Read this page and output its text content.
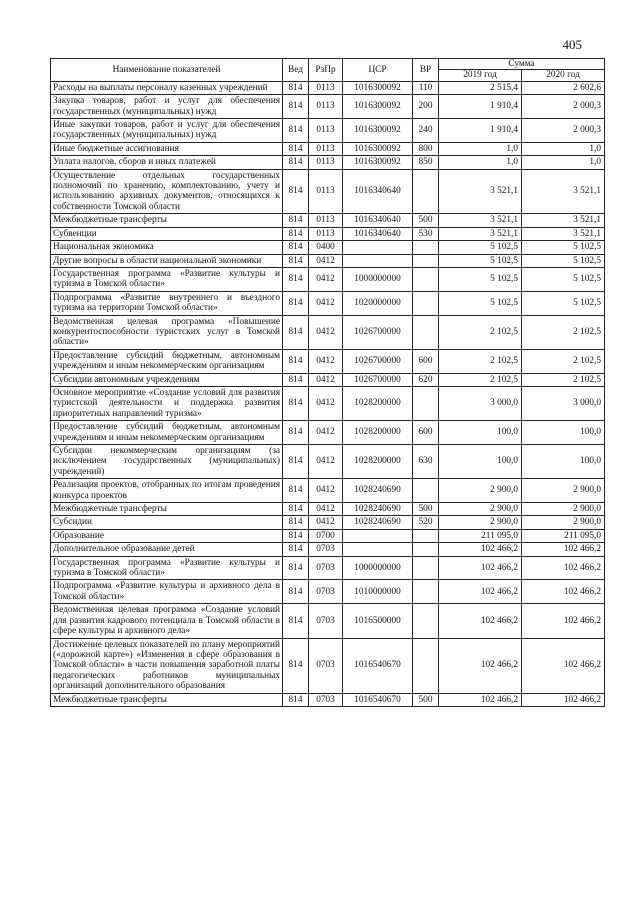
405
Наименование показателей	Вед	РзПр	ЦСР	ВР	Сумма	
					2019 год	2020 год
Расходы на выплаты персоналу казенных учреждений	814	0113	1016300092	110	2 515,4	2 602,6
Закупка товаров, работ и услуг для обеспечения государственных (муниципальных) нужд	814	0113	1016300092	200	1 910,4	2 000,3
Иные закупки товаров, работ и услуг для обеспечения государственных (муниципальных) нужд	814	0113	1016300092	240	1 910,4	2 000,3
Иные бюджетные ассигнования	814	0113	1016300092	800	1,0	1,0
Уплата налогов, сборов и иных платежей	814	0113	1016300092	850	1,0	1,0
Осуществление отдельных государственных полномочий по хранению, комплектованию, учету и использованию архивных документов, относящихся к собственности Томской области	814	0113	1016340640		3 521,1	3 521,1
Межбюджетные трансферты	814	0113	1016340640	500	3 521,1	3 521,1
Субвенции	814	0113	1016340640	530	3 521,1	3 521,1
Национальная экономика	814	0400			5 102,5	5 102,5
Другие вопросы в области национальной экономики	814	0412			5 102,5	5 102,5
Государственная программа «Развитие культуры и туризма в Томской области»	814	0412	1000000000		5 102,5	5 102,5
Подпрограмма «Развитие внутреннего и въездного туризма на территории Томской области»	814	0412	1020000000		5 102,5	5 102,5
Ведомственная целевая программа «Повышение конкурентоспособности туристских услуг в Томской области»	814	0412	1026700000		2 102,5	2 102,5
Предоставление субсидий бюджетным, автономным учреждениям и иным некоммерческим организациям	814	0412	1026700000	600	2 102,5	2 102,5
Субсидии автономным учреждениям	814	0412	1026700000	620	2 102,5	2 102,5
Основное мероприятие «Создание условий для развития туристской деятельности и поддержка развития приоритетных направлений туризма»	814	0412	1028200000		3 000,0	3 000,0
Предоставление субсидий бюджетным, автономным учреждениям и иным некоммерческим организациям	814	0412	1028200000	600	100,0	100,0
Субсидии некоммерческим организациям (за исключением государственных (муниципальных) учреждений)	814	0412	1028200000	630	100,0	100,0
Реализация проектов, отобранных по итогам проведения конкурса проектов	814	0412	1028240690		2 900,0	2 900,0
Межбюджетные трансферты	814	0412	1028240690	500	2 900,0	2 900,0
Субсидии	814	0412	1028240690	520	2 900,0	2 900,0
Образование	814	0700			211 095,0	211 095,0
Дополнительное образование детей	814	0703			102 466,2	102 466,2
Государственная программа «Развитие культуры и туризма в Томской области»	814	0703	1000000000		102 466,2	102 466,2
Подпрограмма «Развитие культуры и архивного дела в Томской области»	814	0703	1010000000		102 466,2	102 466,2
Ведомственная целевая программа «Создание условий для развития кадрового потенциала в Томской области в сфере культуры и архивного дела»	814	0703	1016500000		102 466,2	102 466,2
Достижение целевых показателей по плану мероприятий («дорожной карте») «Изменения в сфере образования в Томской области» в части повышения заработной платы педагогических работников муниципальных организаций дополнительного образования	814	0703	1016540670		102 466,2	102 466,2
Межбюджетные трансферты	814	0703	1016540670	500	102 466,2	102 466,2
